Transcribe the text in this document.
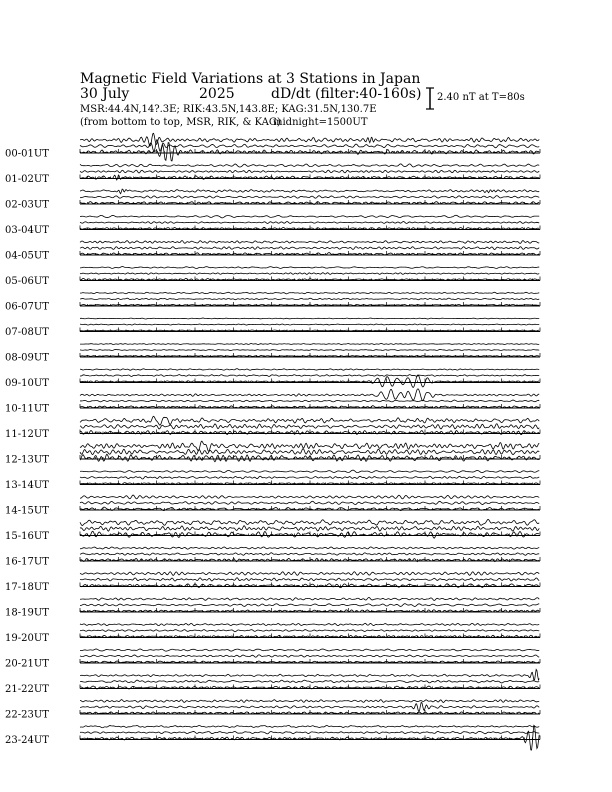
00-01UT
01-02UT
02-03UT
03-04UT
04-05UT
05-06UT
06-07UT
07-08UT
08-09UT
09-10UT
10-11UT
11-12UT
12-13UT
13-14UT
14-15UT
15-16UT
16-17UT
17-18UT
18-19UT
19-20UT
20-21UT
21-22UT
22-23UT
23-24UT
Magnetic Field Variations at 3 Stations in Japan
30 July	2025	dD/dt (filter:40-160s)
MSR:44.4N,14?.3E; RIK:43.5N,143.8E; KAG:31.5N,130.7E
(from bottom to top, MSR, RIK, & KAG)
midnight=1500UT
2.40 nT at T=80s
